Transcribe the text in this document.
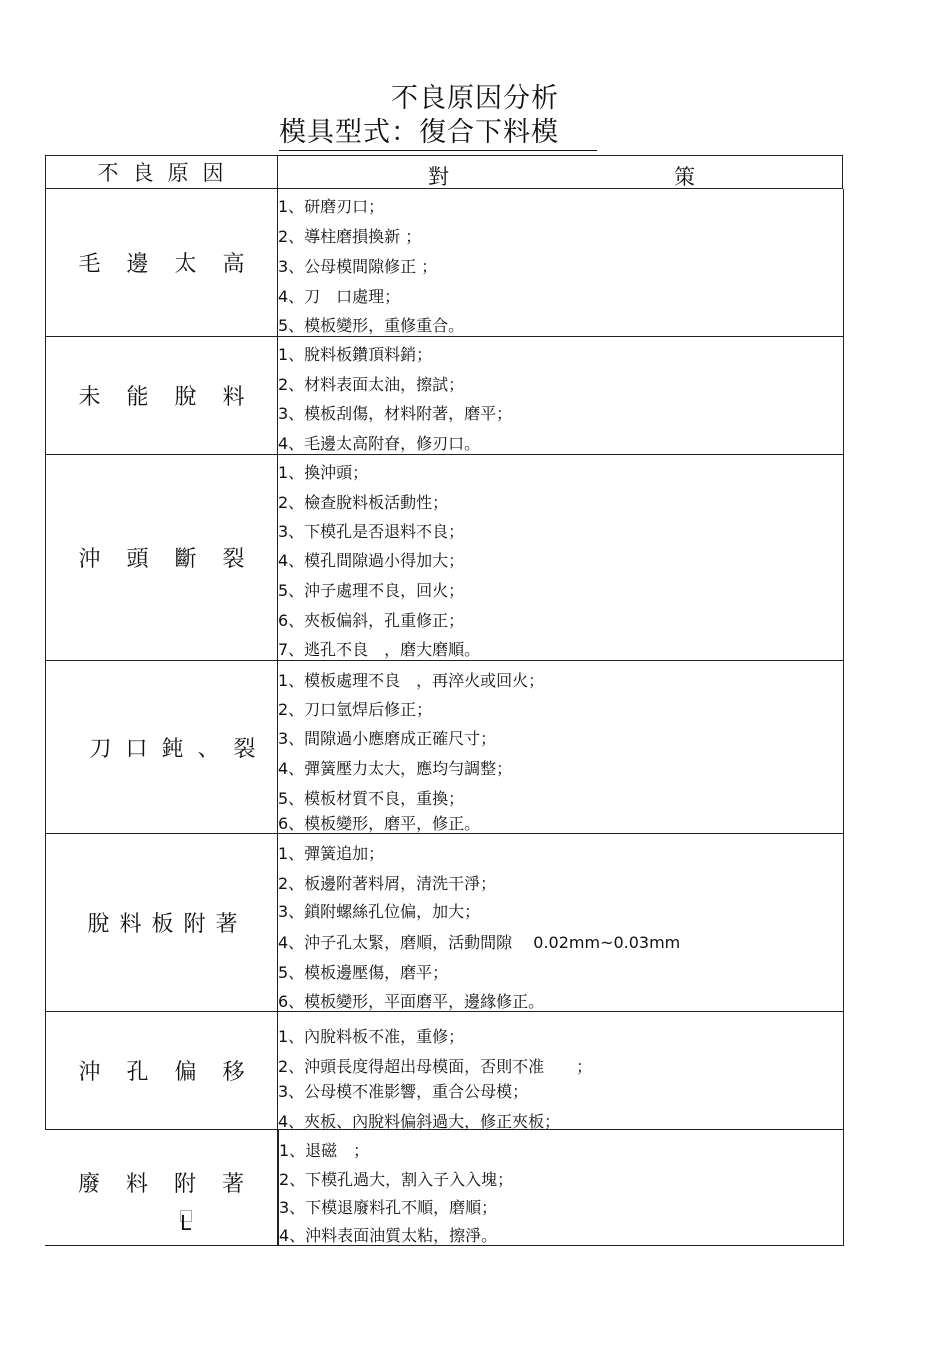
不良原因分析
模具型式：復合下料模
不良原因	對	策
毛邊太高
1、研磨刃口；
2、導柱磨損換新 ；
3、公母模間隙修正 ；
4、刀　口處理；
5、模板變形，重修重合。
未能脫料
1、脫料板鑽頂料銷；
2、材料表面太油，擦試；
3、模板刮傷，材料附著，磨平；
4、毛邊太高附眘，修刃口。
沖頭斷裂
1、換沖頭；
2、檢查脫料板活動性；
3、下模孔是否退料不良；
4、模孔間隙過小得加大；
5、沖子處理不良，回火；
6、夾板偏斜，孔重修正；
7、逃孔不良　，磨大磨順。
刀口鈍、裂
1、模板處理不良　，再淬火或回火；
2、刀口氫焊后修正；
3、間隙過小應磨成正確尺寸；
4、彈簧壓力太大，應均勻調整；
5、模板材質不良，重換；
6、模板變形，磨平，修正。
脫料板附著
1、彈簧追加；
2、板邊附著料屑，清洗干淨；
3、鎖附螺絲孔位偏，加大；
4、沖子孔太緊，磨順，活動間隙　 0.02mm~0.03mm
5、模板邊壓傷，磨平；
6、模板變形，平面磨平，邊緣修正。
沖孔偏移
1、內脫料板不准，重修；
2、沖頭長度得超出母模面，否則不准　　；
3、公母模不准影響，重合公母模；
4、夾板、內脫料偏斜過大，修正夾板；
廢料附著
1、退磁　；
2、下模孔過大，割入子入入塊；
3、下模退廢料孔不順，磨順；
4、沖料表面油質太粘，擦淨。
L
